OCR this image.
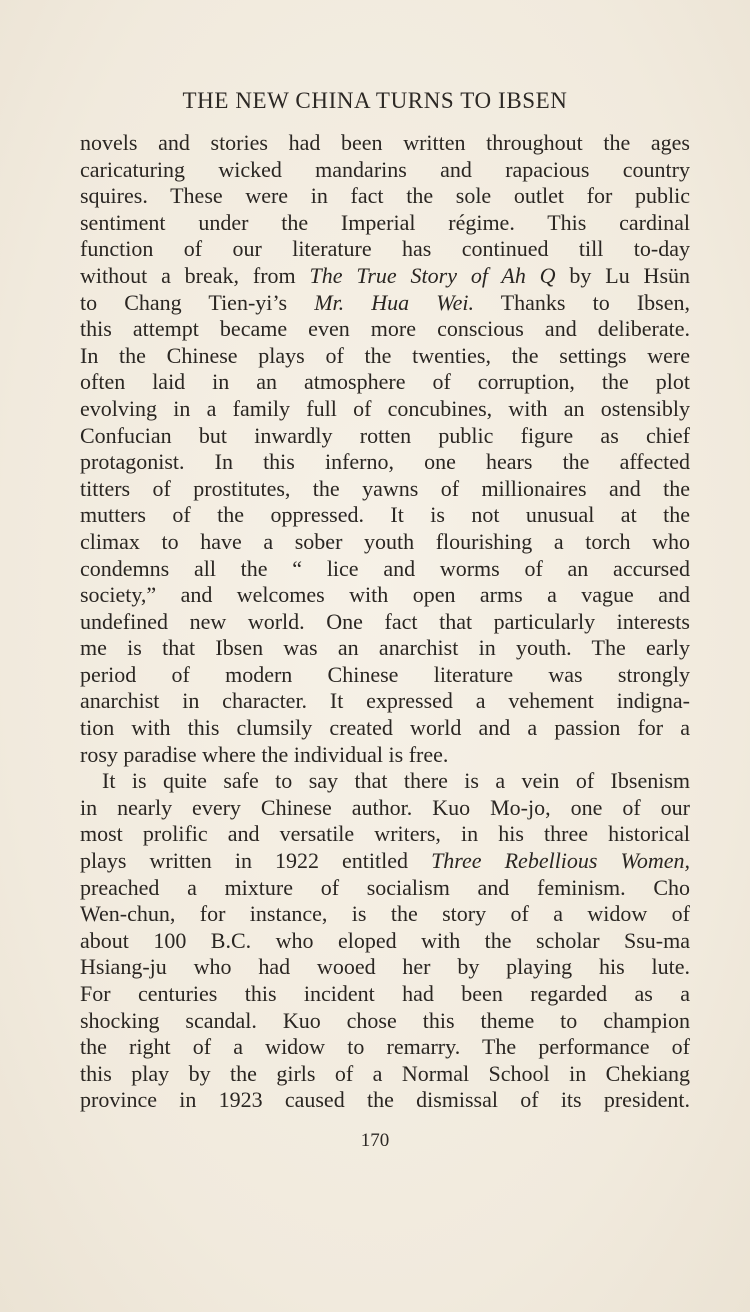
THE NEW CHINA TURNS TO IBSEN
novels and stories had been written throughout the ages
caricaturing wicked mandarins and rapacious country
squires. These were in fact the sole outlet for public
sentiment under the Imperial régime. This cardinal
function of our literature has continued till to-day
without a break, from The True Story of Ah Q by Lu Hsün
to Chang Tien-yi’s Mr. Hua Wei. Thanks to Ibsen,
this attempt became even more conscious and deliberate.
In the Chinese plays of the twenties, the settings were
often laid in an atmosphere of corruption, the plot
evolving in a family full of concubines, with an ostensibly
Confucian but inwardly rotten public figure as chief
protagonist. In this inferno, one hears the affected
titters of prostitutes, the yawns of millionaires and the
mutters of the oppressed. It is not unusual at the
climax to have a sober youth flourishing a torch who
condemns all the “ lice and worms of an accursed
society,” and welcomes with open arms a vague and
undefined new world. One fact that particularly interests
me is that Ibsen was an anarchist in youth. The early
period of modern Chinese literature was strongly
anarchist in character. It expressed a vehement indigna-
tion with this clumsily created world and a passion for a
rosy paradise where the individual is free.
It is quite safe to say that there is a vein of Ibsenism
in nearly every Chinese author. Kuo Mo-jo, one of our
most prolific and versatile writers, in his three historical
plays written in 1922 entitled Three Rebellious Women,
preached a mixture of socialism and feminism. Cho
Wen-chun, for instance, is the story of a widow of
about 100 B.C. who eloped with the scholar Ssu-ma
Hsiang-ju who had wooed her by playing his lute.
For centuries this incident had been regarded as a
shocking scandal. Kuo chose this theme to champion
the right of a widow to remarry. The performance of
this play by the girls of a Normal School in Chekiang
province in 1923 caused the dismissal of its president.
170
